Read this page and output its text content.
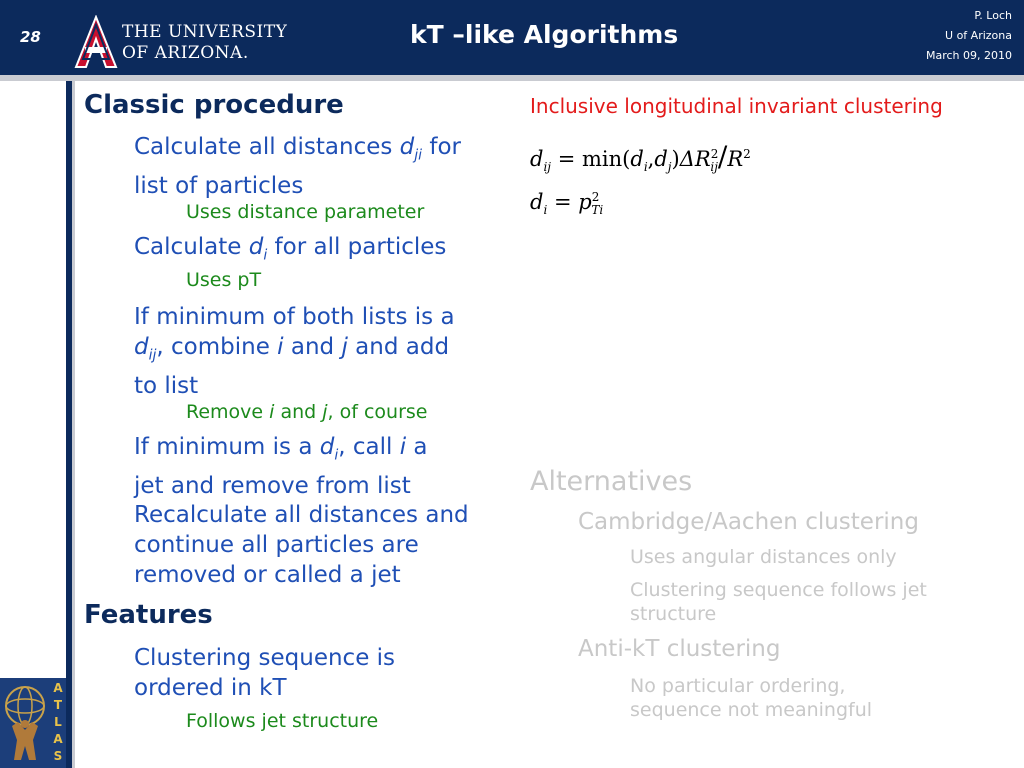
28	THE UNIVERSITY
OF ARIZONA.
kT –like Algorithms
P. Loch
U of Arizona
March 09, 2010
ATLAS
Classic procedure
Calculate all distances $d_{ji}$ for
list of particles
Uses distance parameter
Calculate $d_i$ for all particles
Uses pT
If minimum of both lists is a
$d_{ij}$, combine i and j and add
to list
Remove i and j, of course
If minimum is a $d_i$, call i a
jet and remove from list
Recalculate all distances and
continue all particles are
removed or called a jet
Features
Clustering sequence is
ordered in kT
Follows jet structure
Inclusive longitudinal invariant clustering
$d_{ij} = \min(d_i,d_j)\Delta R^2_{ij}/R^2$
$d_i = p^2_{Ti}$
Alternatives
Cambridge/Aachen clustering
Uses angular distances only
Clustering sequence follows jet
structure
Anti-kT clustering
No particular ordering,
sequence not meaningful
